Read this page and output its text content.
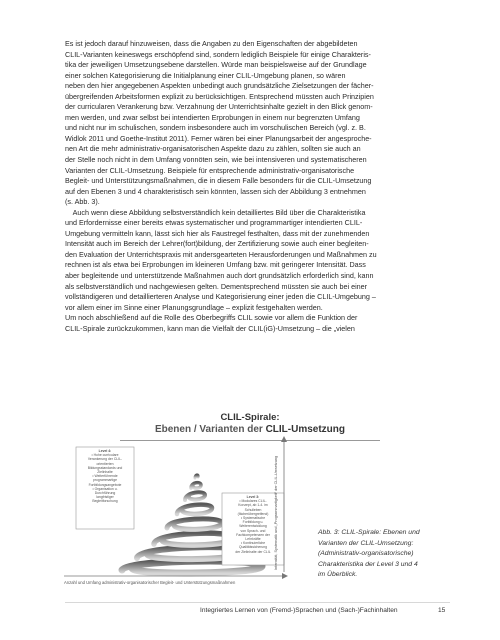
Es ist jedoch darauf hinzuweisen, dass die Angaben zu den Eigenschaften der abgebildeten
CLIL-Varianten keineswegs erschöpfend sind, sondern lediglich Beispiele für einige Charakteris-
tika der jeweiligen Umsetzungsebene darstellen. Würde man beispielsweise auf der Grundlage
einer solchen Kategorisierung die Initialplanung einer CLIL-Umgebung planen, so wären
neben den hier angegebenen Aspekten unbedingt auch grundsätzliche Zielsetzungen der fächer-
übergreifenden Arbeitsformen explizit zu berücksichtigen. Entsprechend müssten auch Prinzipien
der curricularen Verankerung bzw. Verzahnung der Unterrichtsinhalte gezielt in den Blick genom-
men werden, und zwar selbst bei intendierten Erprobungen in einem nur begrenzten Umfang
und nicht nur im schulischen, sondern insbesondere auch im vorschulischen Bereich (vgl. z. B.
Widlok 2011 und Goethe-Institut 2011). Ferner wären bei einer Planungsarbeit der angesproche-
nen Art die mehr administrativ-organisatorischen Aspekte dazu zu zählen, sollten sie auch an
der Stelle noch nicht in dem Umfang vonnöten sein, wie bei intensiveren und systematischeren
Varianten der CLIL-Umsetzung. Beispiele für entsprechende administrativ-organisatorische
Begleit- und Unterstützungsmaßnahmen, die in diesem Falle besonders für die CLIL-Umsetzung
auf den Ebenen 3 und 4 charakteristisch sein könnten, lassen sich der Abbildung 3 entnehmen
(s. Abb. 3).

Auch wenn diese Abbildung selbstverständlich kein detailliertes Bild über die Charakteristika
und Erfordernisse einer bereits etwas systematischer und programmartiger intendierten CLIL-
Umgebung vermitteln kann, lässt sich hier als Faustregel festhalten, dass mit der zunehmenden
Intensität auch im Bereich der Lehrer(fort)bildung, der Zertifizierung sowie auch einer begleiten-
den Evaluation der Unterrichtspraxis mit andersgearteten Herausforderungen und Maßnahmen zu
rechnen ist als etwa bei Erprobungen im kleineren Umfang bzw. mit geringerer Intensität. Dass
aber begleitende und unterstützende Maßnahmen auch dort grundsätzlich erforderlich sind, kann
als selbstverständlich und nachgewiesen gelten. Dementsprechend müssten sie auch bei einer
vollständigeren und detaillierteren Analyse und Kategorisierung einer jeden die CLIL-Umgebung –
vor allem einer im Sinne einer Planungsgrundlage – explizit festgehalten werden.
Um noch abschließend auf die Rolle des Oberbegriffs CLIL sowie vor allem die Funktion der
CLIL-Spirale zurückzukommen, kann man die Vielfalt der CLIL(iG)-Umsetzung – die „vielen

CLIL-Spirale:
Ebenen / Varianten der CLIL-Umsetzung
Level 4:
• Hohe curriculare
Verankerung der CLIL-
orientierten
Bildungsstandards und
Zielinhalte
• Weiterführende
programmartige
Fortbildungsangebote
• Organisation u.
Durchführung
langfristiger
Begleitforschung
Level 3:
• Modulares CLIL-
Konzept, ab 1-4. im
Schulleben
(fächerübergreifend)
• Systematische
Fortbildung u.
Weiterentwicklung
von Sprach- und
Fachkompetenzen der
Lehrkräfte
• Kontinuierliche
Qualitätssicherung
der Zielinhalte der CLIL Intensität, Systematik und „Programmartigkeit“ der CLIL-Umsetzung
Anzahl und Umfang administrativ-organisatorischer Begleit- und Unterstützungsmaßnahmen
Abb. 3: CLIL-Spirale: Ebenen und
Varianten der CLIL-Umsetzung:
(Administrativ-organisatorische)
Charakteristika der Level 3 und 4
im Überblick.
Integriertes Lernen von (Fremd-)Sprachen und (Sach-)Fachinhalten	15
